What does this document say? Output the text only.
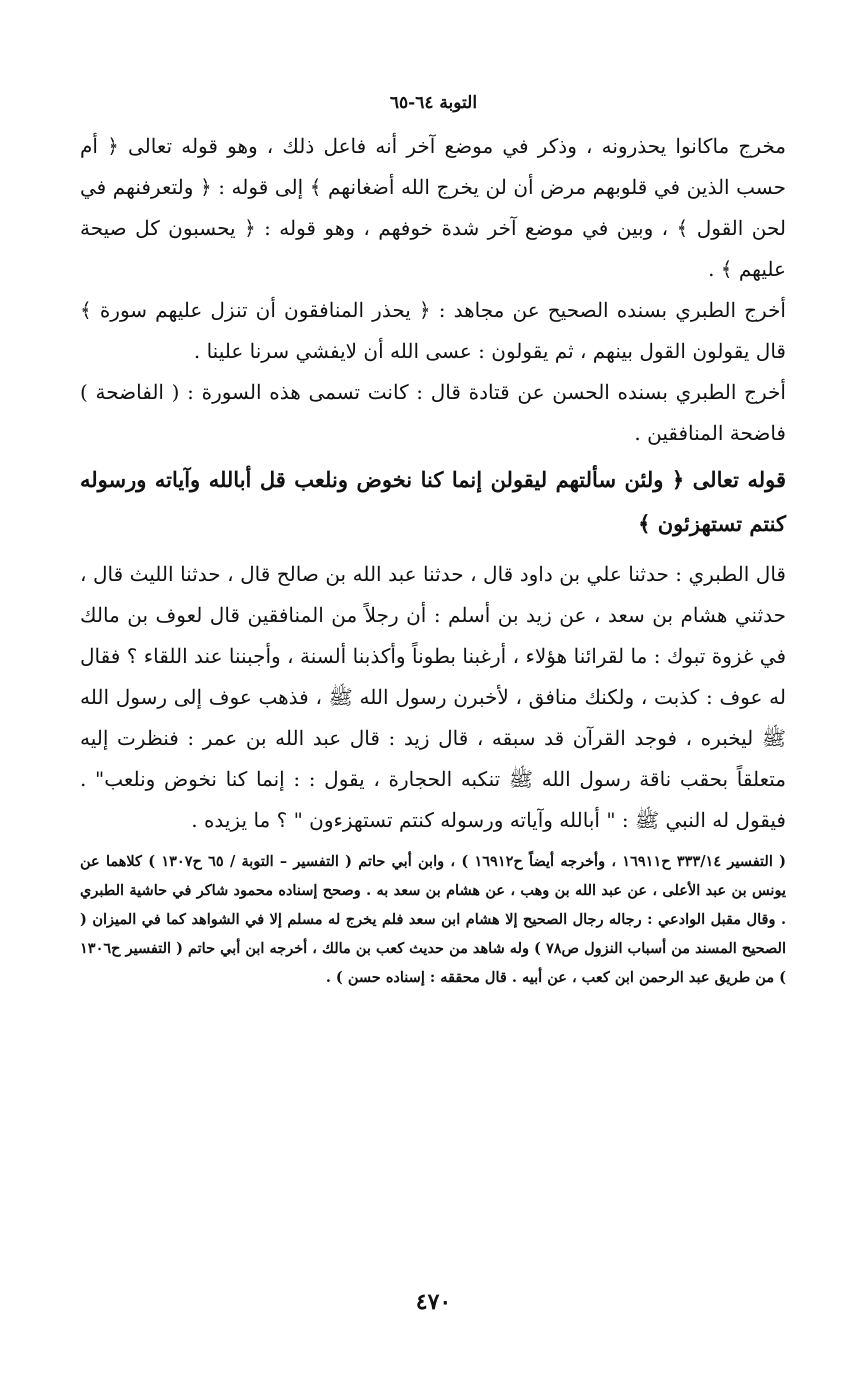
التوبة ٦٤-٦٥

مخرج ماكانوا يحذرونه ، وذكر في موضع آخر أنه فاعل ذلك ، وهو قوله تعالى ﴿ أم حسب الذين في قلوبهم مرض أن لن يخرج الله أضغانهم ﴾ إلى قوله : ﴿ ولتعرفنهم في لحن القول ﴾ ، وبين في موضع آخر شدة خوفهم ، وهو قوله : ﴿ يحسبون كل صيحة عليهم ﴾ .

أخرج الطبري بسنده الصحيح عن مجاهد : ﴿ يحذر المنافقون أن تنزل عليهم سورة ﴾ قال يقولون القول بينهم ، ثم يقولون : عسى الله أن لايفشي سرنا علينا .

أخرج الطبري بسنده الحسن عن قتادة قال : كانت تسمى هذه السورة : ( الفاضحة ) فاضحة المنافقين .

قوله تعالى ﴿ ولئن سألتهم ليقولن إنما كنا نخوض ونلعب قل أبالله وآياته ورسوله كنتم تستهزئون ﴾

قال الطبري : حدثنا علي بن داود قال ، حدثنا عبد الله بن صالح قال ، حدثنا الليث قال ، حدثني هشام بن سعد ، عن زيد بن أسلم : أن رجلاً من المنافقين قال لعوف بن مالك في غزوة تبوك : ما لقرائنا هؤلاء ، أرغبنا بطوناً وأكذبنا ألسنة ، وأجبننا عند اللقاء ؟ فقال له عوف : كذبت ، ولكنك منافق ، لأخبرن رسول الله ﷺ ، فذهب عوف إلى رسول الله ﷺ ليخبره ، فوجد القرآن قد سبقه ، قال زيد : قال عبد الله بن عمر : فنظرت إليه متعلقاً بحقب ناقة رسول الله ﷺ تنكبه الحجارة ، يقول : : إنما كنا نخوض ونلعب" . فيقول له النبي ﷺ : " أبالله وآياته ورسوله كنتم تستهزءون " ؟ ما يزيده .

( التفسير ٣٣٣/١٤ ح١٦٩١١ ، وأخرجه أيضاً ح١٦٩١٢ ) ، وابن أبي حاتم ( التفسير – التوبة / ٦٥ ح١٣٠٧ ) كلاهما عن يونس بن عبد الأعلى ، عن عبد الله بن وهب ، عن هشام بن سعد به . وصحح إسناده محمود شاكر في حاشية الطبري . وقال مقبل الوادعي : رجاله رجال الصحيح إلا هشام ابن سعد فلم يخرج له مسلم إلا في الشواهد كما في الميزان ( الصحيح المسند من أسباب النزول ص٧٨ ) وله شاهد من حديث كعب بن مالك ، أخرجه ابن أبي حاتم ( التفسير ح١٣٠٦ ) من طريق عبد الرحمن ابن كعب ، عن أبيه . قال محققه : إسناده حسن ) .

٤٧٠
